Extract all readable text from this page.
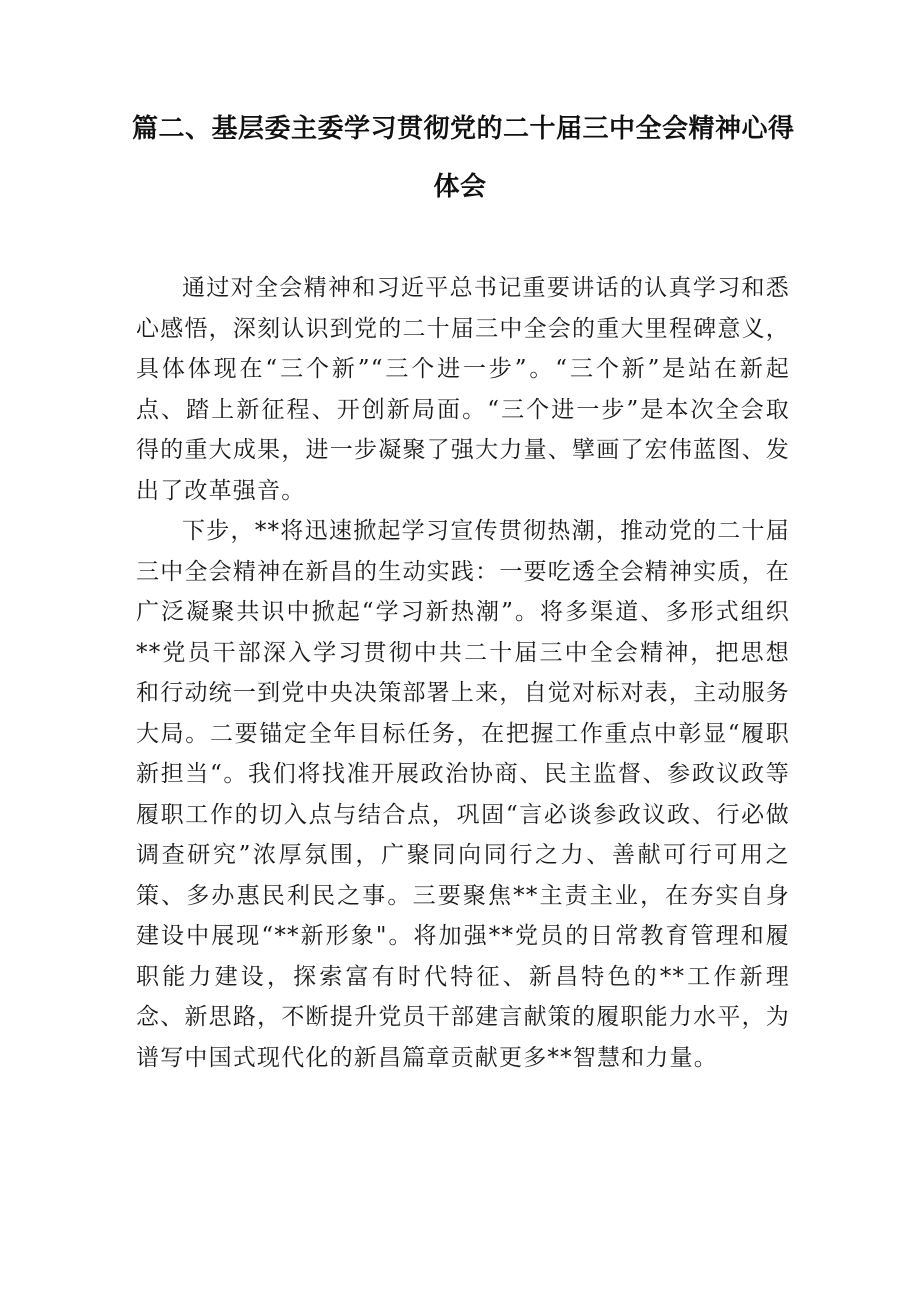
篇二、基层委主委学习贯彻党的二十届三中全会精神心得
体会

通过对全会精神和习近平总书记重要讲话的认真学习和悉心感悟，深刻认识到党的二十届三中全会的重大里程碑意义，具体体现在“三个新”“三个进一步”。“三个新”是站在新起点、踏上新征程、开创新局面。“三个进一步”是本次全会取得的重大成果，进一步凝聚了强大力量、擘画了宏伟蓝图、发出了改革强音。

下步，**将迅速掀起学习宣传贯彻热潮，推动党的二十届三中全会精神在新昌的生动实践：一要吃透全会精神实质，在广泛凝聚共识中掀起“学习新热潮”。将多渠道、多形式组织**党员干部深入学习贯彻中共二十届三中全会精神，把思想和行动统一到党中央决策部署上来，自觉对标对表，主动服务大局。二要锚定全年目标任务，在把握工作重点中彰显“履职新担当“。我们将找准开展政治协商、民主监督、参政议政等履职工作的切入点与结合点，巩固“言必谈参政议政、行必做调查研究”浓厚氛围，广聚同向同行之力、善献可行可用之策、多办惠民利民之事。三要聚焦**主责主业，在夯实自身建设中展现“**新形象"。将加强**党员的日常教育管理和履职能力建设，探索富有时代特征、新昌特色的**工作新理念、新思路，不断提升党员干部建言献策的履职能力水平，为谱写中国式现代化的新昌篇章贡献更多**智慧和力量。
